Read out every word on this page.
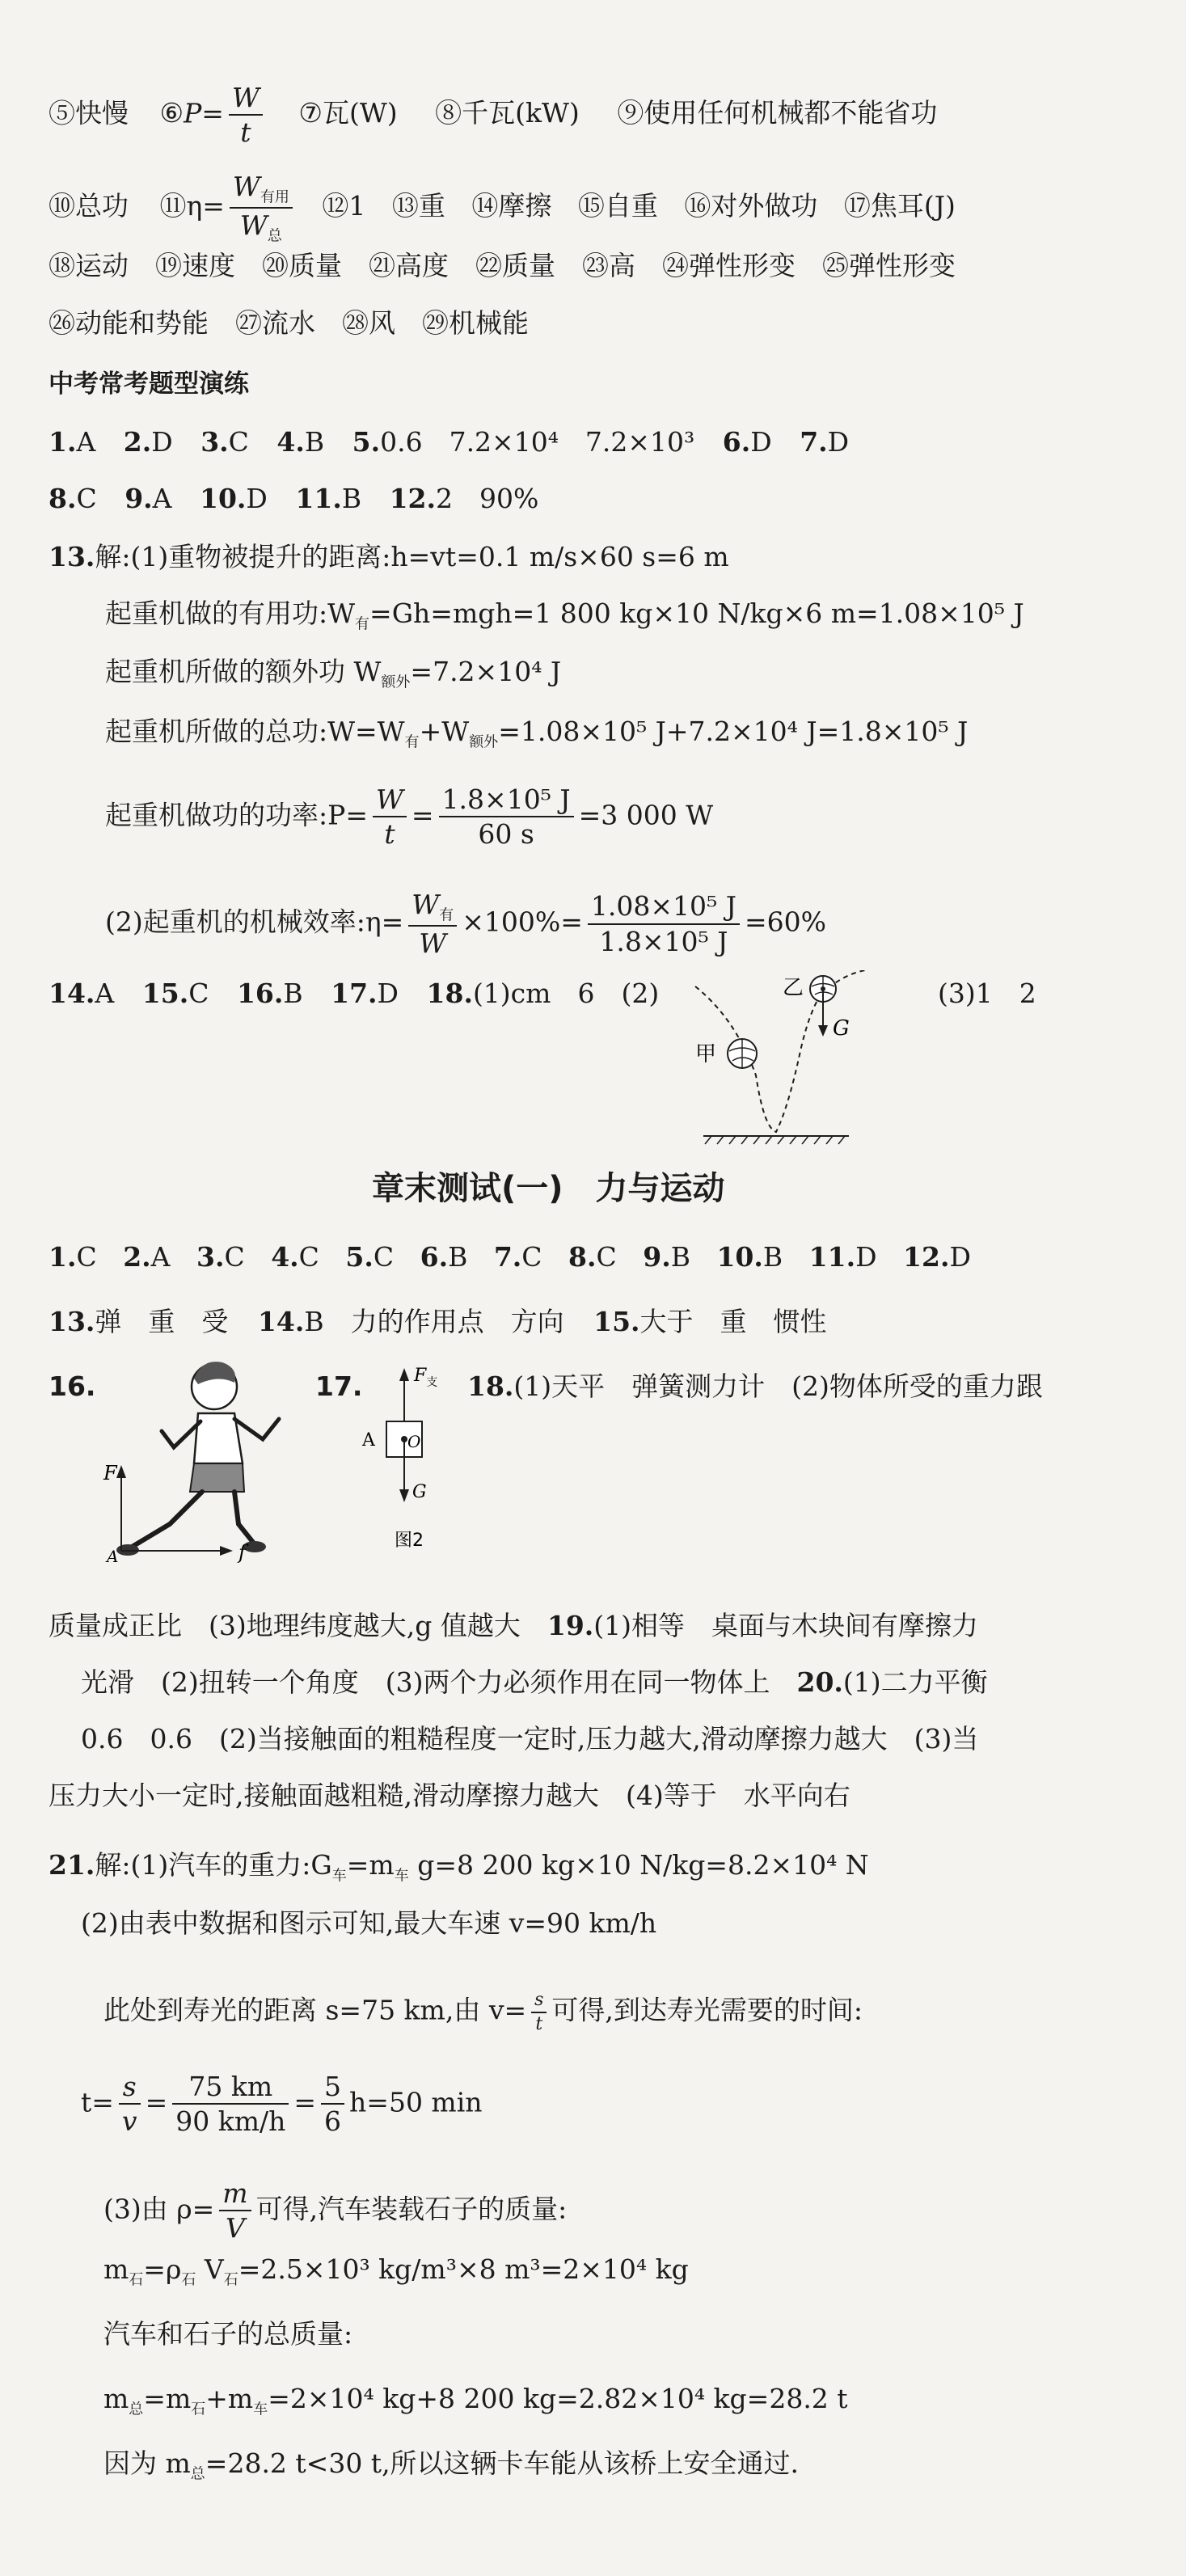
⑤快慢 ⑥P= $\frac{W}{t}$ ⑦瓦(W) ⑧千瓦(kW) ⑨使用任何机械都不能省功
⑩总功 ⑪η= $\frac{W_{有用}}{W_总}$ ⑫1 ⑬重 ⑭摩擦 ⑮自重 ⑯对外做功 ⑰焦耳(J)
⑱运动　⑲速度　⑳质量　㉑高度　㉒质量　㉓高　㉔弹性形变　㉕弹性形变
㉖动能和势能　㉗流水　㉘风　㉙机械能
中考常考题型演练
1.A 2.D 3.C 4.B 5.0.6　7.2×10⁴　7.2×10³ 6.D 7.D
8.C 9.A 10.D 11.B 12.2　90%
13.解:(1)重物被提升的距离:h=vt=0.1 m/s×60 s=6 m
起重机做的有用功$:W_有=Gh=mgh=1$ 800 kg×10 N/kg×6 m=1.08×10⁵ J
起重机所做的额外功 $W_{额外}=7.2\times 10^4$ J
起重机所做的总功$:W=W_有+W_{额外}=1.08\times 10^5$ J+7.2×10⁴ J=1.8×10⁵ J
起重机做功的功率:P= $\frac{W}{t} = \frac{\text{1.8×10⁵ J}}{60 s} =3$ 000 W
(2)起重机的机械效率:η= $\frac{W_有}{W} \times 100\%= \frac{\text{1.08×10⁵ J}}{\text{1.8×10⁵ J}} =60\%$
14.A 15.C 16.B 17.D 18.(1)cm　6　(2)	(3)1　2
甲
乙
G
章末测试(一)　力与运动
1.C 2.A 3.C 4.C 5.C 6.B 7.C 8.C 9.B 10.B 11.D 12.D
13.弹　重　受 14.B　力的作用点　方向 15.大于　重　惯性
16.	17.
F
f
A
$F_支$
A O
G
图2
18.(1)天平　弹簧测力计　(2)物体所受的重力跟
质量成正比　(3)地理纬度越大,g 值越大　19.(1)相等　桌面与木块间有摩擦力
光滑　(2)扭转一个角度　(3)两个力必须作用在同一物体上　20.(1)二力平衡
0.6　0.6　(2)当接触面的粗糙程度一定时,压力越大,滑动摩擦力越大　(3)当
压力大小一定时,接触面越粗糙,滑动摩擦力越大　(4)等于　水平向右
21.解:(1)汽车的重力$:G_车=m_车$ g=8 200 kg×10 N/kg=8.2×10⁴ N
(2)由表中数据和图示可知,最大车速 v=90 km/h
此处到寿光的距离 s=75 km,由 $v= \frac{s}{t}$ 可得,到达寿光需要的时间:
$t= \frac{s}{v} = \frac{75 km}{90 km/h} = \frac{5}{6} h=50$ min
(3)由 $\rho= \frac{m}{V}$ 可得,汽车装载石子的质量:
$m_石=\rho_石$ $V_石=2.5\times 10^3$ kg/m³×8 m³=2×10⁴ kg
汽车和石子的总质量:
$m_总=m_石+m_车=2\times 10^4$ kg+8 200 kg=2.82×10⁴ kg=28.2 t
因为 $m_总=28.2$ t<30 t,所以这辆卡车能从该桥上安全通过.
